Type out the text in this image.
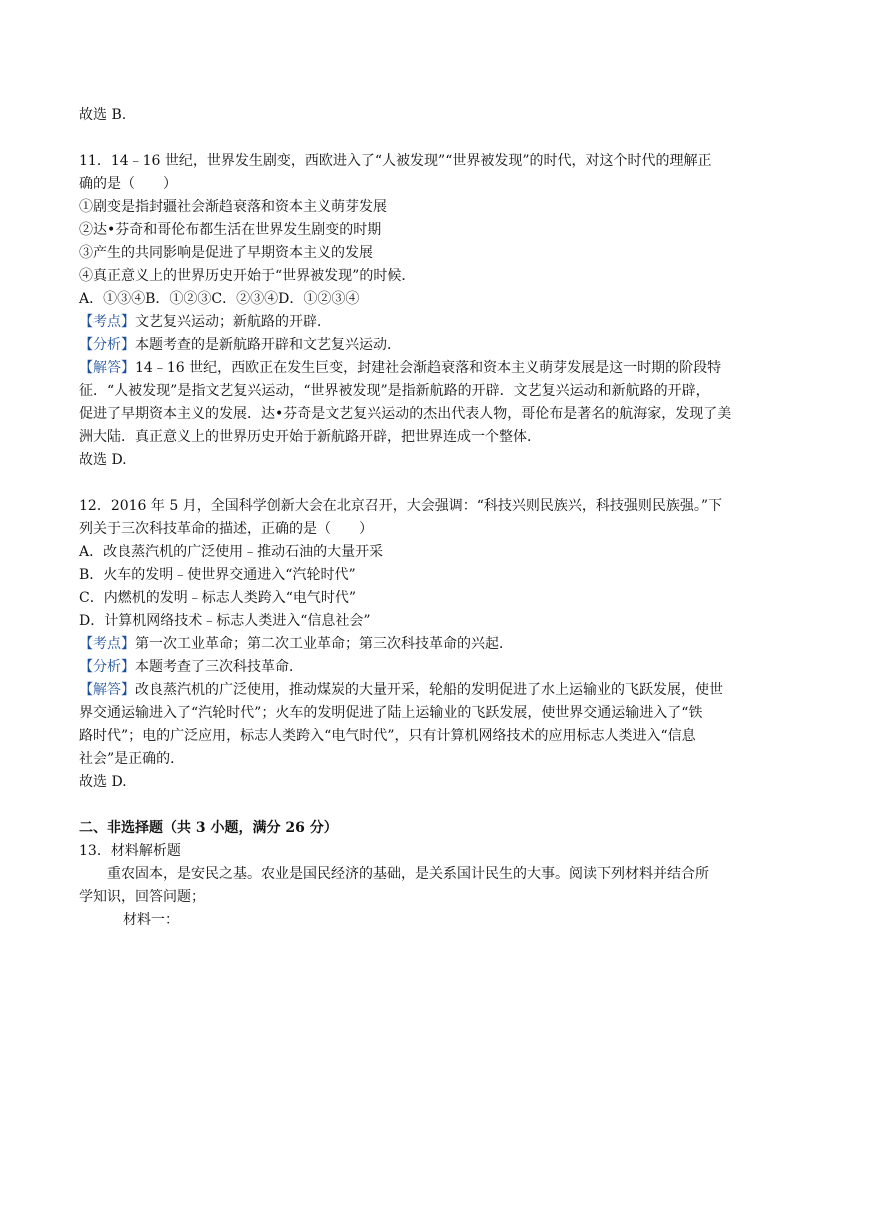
故选 B.
11．14﹣16 世纪，世界发生剧变，西欧进入了“人被发现”“世界被发现”的时代，对这个时代的理解正
确的是（　　）
①剧变是指封疆社会渐趋衰落和资本主义萌芽发展
②达•芬奇和哥伦布都生活在世界发生剧变的时期
③产生的共同影响是促进了早期资本主义的发展
④真正意义上的世界历史开始于“世界被发现”的时候．
A．①③④B．①②③C．②③④D．①②③④
【考点】文艺复兴运动；新航路的开辟．
【分析】本题考查的是新航路开辟和文艺复兴运动．
【解答】14﹣16 世纪，西欧正在发生巨变，封建社会渐趋衰落和资本主义萌芽发展是这一时期的阶段特
征．“人被发现”是指文艺复兴运动，“世界被发现”是指新航路的开辟．文艺复兴运动和新航路的开辟，
促进了早期资本主义的发展．达•芬奇是文艺复兴运动的杰出代表人物，哥伦布是著名的航海家，发现了美
洲大陆．真正意义上的世界历史开始于新航路开辟，把世界连成一个整体．
故选 D.
12．2016 年 5 月，全国科学创新大会在北京召开，大会强调：“科技兴则民族兴，科技强则民族强。”下
列关于三次科技革命的描述，正确的是（　　）
A．改良蒸汽机的广泛使用﹣推动石油的大量开采
B．火车的发明﹣使世界交通进入“汽轮时代”
C．内燃机的发明﹣标志人类跨入“电气时代”
D．计算机网络技术﹣标志人类进入“信息社会”
【考点】第一次工业革命；第二次工业革命；第三次科技革命的兴起．
【分析】本题考查了三次科技革命．
【解答】改良蒸汽机的广泛使用，推动煤炭的大量开采，轮船的发明促进了水上运输业的飞跃发展，使世
界交通运输进入了“汽轮时代”；火车的发明促进了陆上运输业的飞跃发展，使世界交通运输进入了“铁
路时代”；电的广泛应用，标志人类跨入“电气时代”，只有计算机网络技术的应用标志人类进入“信息
社会”是正确的．
故选 D.
二、非选择题（共 3 小题，满分 26 分）
13．材料解析题
重农固本，是安民之基。农业是国民经济的基础，是关系国计民生的大事。阅读下列材料并结合所
学知识，回答问题；
材料一：
